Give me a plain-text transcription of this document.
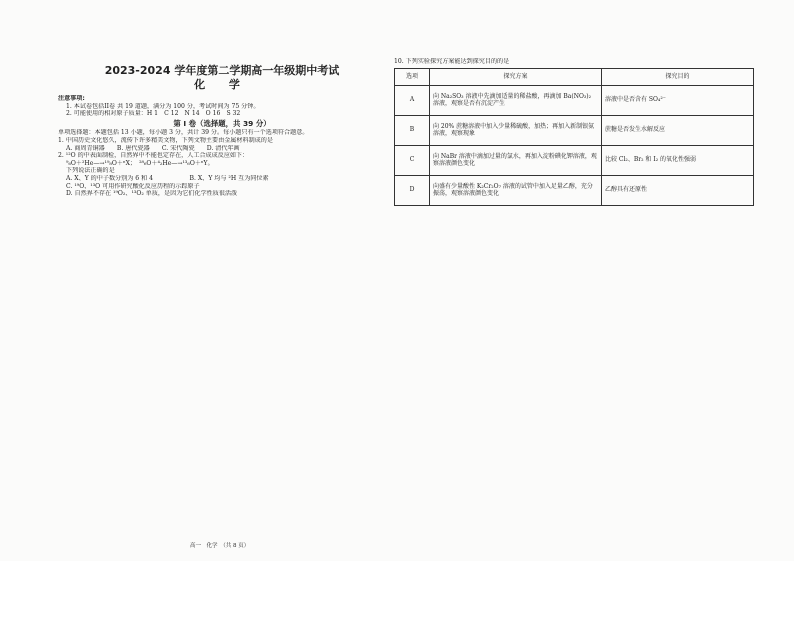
2023-2024 学年度第二学期高一年级期中考试
化 学

注意事项:

1. 本试卷包括II卷 共 19 道题，满分为 100 分，考试时间为 75 分钟。

2. 可能使用的相对原子质量：H 1　C 12　N 14　O 16　S 32

第 I 卷（选择题，共 39 分）

单项选择题：本题包括 13 小题，每小题 3 分，共计 39 分。每小题只有一个选项符合题意。

1. 中国历史文化悠久，流传下许多精美文物，下列文物主要由金属材料制成的是

A. 商周青铜器　　B. 唐代瓷器　　C. 宋代陶瓷　　D. 清代年画

2. ¹²O 的中表面制检，自然界中不能也定存在，人工合成成反应如下：

⁹₆O＋²He—→¹⁹₈O＋ⁿX；　²⁸₆O＋⁴₂He—→¹³₆O＋ⁿY。

下列说法正确的是

A. X、Y 的中子数分别为 6 和 4　　　　　　B. X、Y 均与 ²H 互为同位素

C. ¹⁹O、¹³O 可用作研究酸化反应历程的示踪原子

D. 自然界不存在 ¹⁹O₂、¹³O₂ 单质，是因为它们化学性质很活泼

10. 下列实验探究方案能达到探究目的的是

选项	探究方案	探究目的
A	向 Na₂SO₃ 溶液中先滴加适量的稀盐酸，再滴加 Ba(NO₃)₂ 溶液，观察是否有沉淀产生	溶液中是否含有 SO₄²⁻
B	向 20% 蔗糖溶液中加入少量稀硫酸，加热；再加入新制银氨溶液，观察现象	蔗糖是否发生水解反应
C	向 NaBr 溶液中滴加过量的氯水，再加入淀粉碘化钾溶液，观察溶液颜色变化	比较 Cl₂、Br₂ 和 I₂ 的氧化性强弱
D	向盛有少量酸性 K₂Cr₂O₇ 溶液的试管中加入足量乙醇，充分振荡，观察溶液颜色变化	乙醇具有还原性
高一　化学　（共 8 页）
